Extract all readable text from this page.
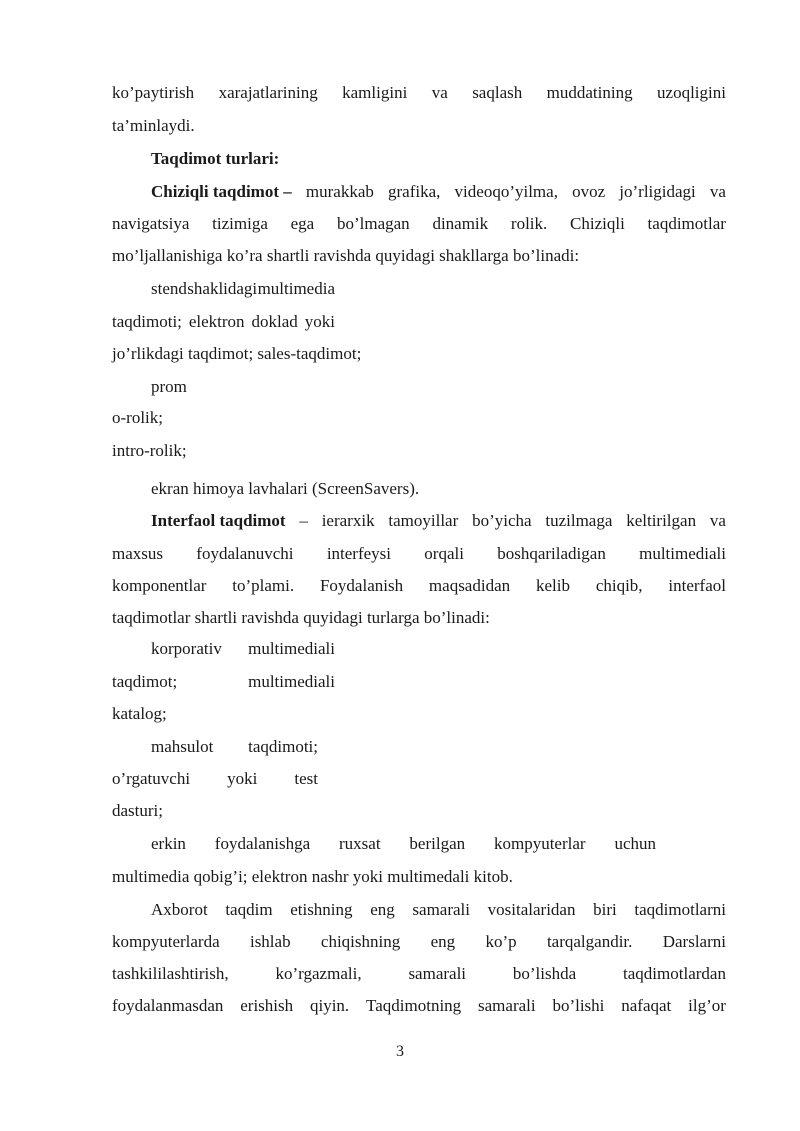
ko’paytirish xarajatlarining kamligini va saqlash muddatining uzoqligini
ta’minlaydi.
Taqdimot turlari:
Chiziqli taqdimot – murakkab grafika, videoqo’yilma, ovoz jo’rligidagi va
navigatsiya tizimiga ega bo’lmagan dinamik rolik. Chiziqli taqdimotlar
mo’ljallanishiga ko’ra shartli ravishda quyidagi shakllarga bo’linadi:
stend shaklidagi multimedia
taqdimoti; elektron doklad yoki
jo’rlikdagi taqdimot; sales-taqdimot;
prom
o-rolik;
intro-rolik;
ekran himoya lavhalari (ScreenSavers).
Interfaol taqdimot – ierarxik tamoyillar bo’yicha tuzilmaga keltirilgan va
maxsus foydalanuvchi interfeysi orqali boshqariladigan multimediali
komponentlar to’plami. Foydalanish maqsadidan kelib chiqib, interfaol
taqdimotlar shartli ravishda quyidagi turlarga bo’linadi:
korporativ multimediali
taqdimot;	multimediali
katalog;
mahsulot taqdimoti;
o’rgatuvchi yoki test
dasturi;
erkin foydalanishga ruxsat berilgan kompyuterlar uchun
multimedia qobig’i; elektron nashr yoki multimedali kitob.
Axborot taqdim etishning eng samarali vositalaridan biri taqdimotlarni
kompyuterlarda ishlab chiqishning eng ko’p tarqalgandir. Darslarni
tashkililashtirish,	ko’rgazmali,	samarali	bo’lishda	taqdimotlardan
foydalanmasdan erishish qiyin. Taqdimotning samarali bo’lishi nafaqat ilg’or
3
